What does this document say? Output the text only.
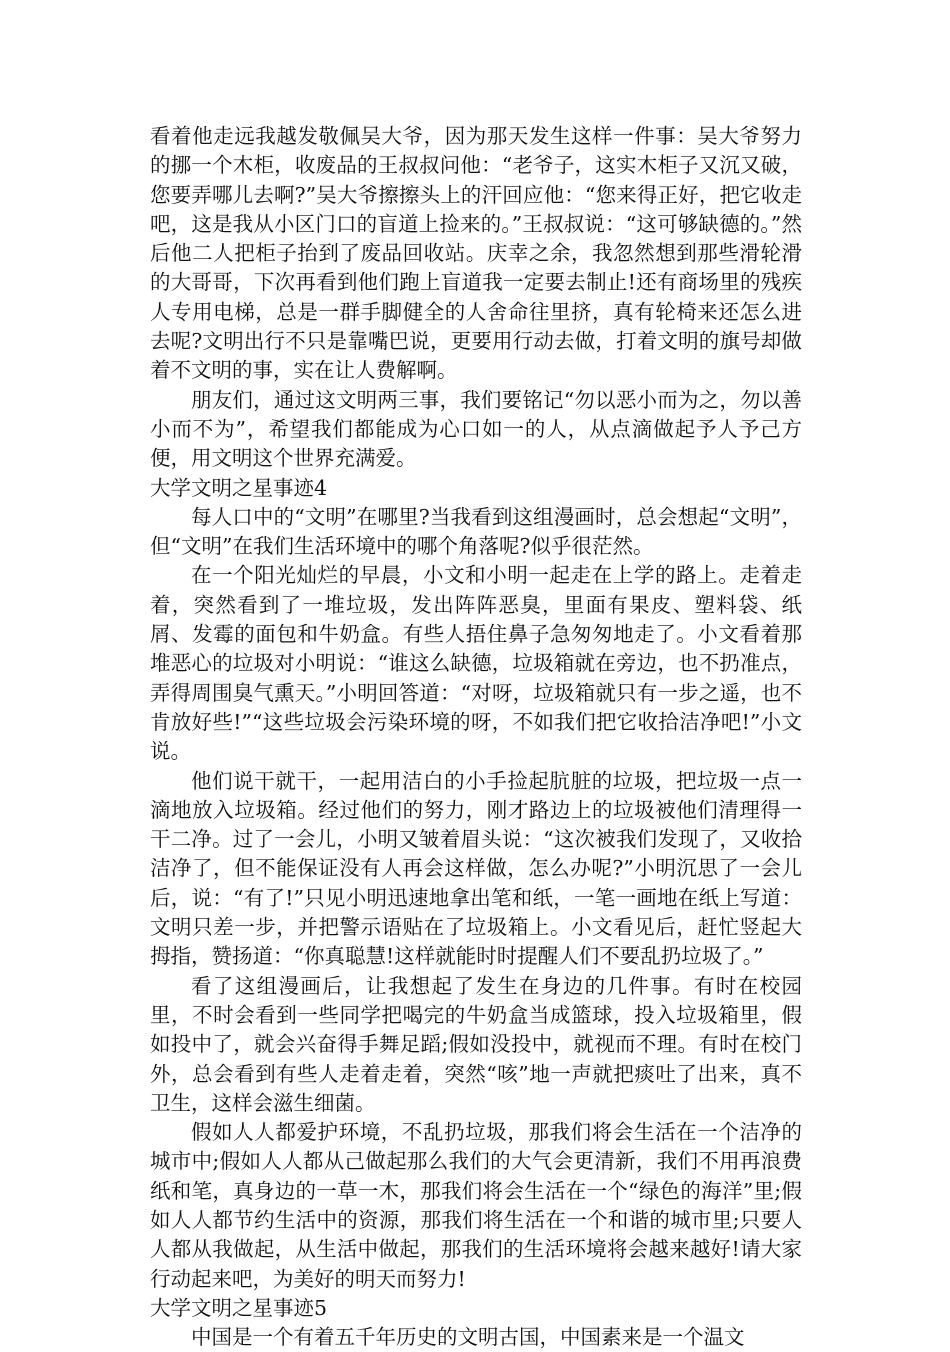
看着他走远我越发敬佩吴大爷，因为那天发生这样一件事：吴大爷努力的挪一个木柜，收废品的王叔叔问他：“老爷子，这实木柜子又沉又破，您要弄哪儿去啊?”吴大爷擦擦头上的汗回应他：“您来得正好，把它收走吧，这是我从小区门口的盲道上捡来的。”王叔叔说：“这可够缺德的。”然后他二人把柜子抬到了废品回收站。庆幸之余，我忽然想到那些滑轮滑的大哥哥，下次再看到他们跑上盲道我一定要去制止!还有商场里的残疾人专用电梯，总是一群手脚健全的人舍命往里挤，真有轮椅来还怎么进去呢?文明出行不只是靠嘴巴说，更要用行动去做，打着文明的旗号却做着不文明的事，实在让人费解啊。

朋友们，通过这文明两三事，我们要铭记“勿以恶小而为之，勿以善小而不为”，希望我们都能成为心口如一的人，从点滴做起予人予己方便，用文明这个世界充满爱。

大学文明之星事迹4

每人口中的“文明”在哪里?当我看到这组漫画时，总会想起“文明”，但“文明”在我们生活环境中的哪个角落呢?似乎很茫然。

在一个阳光灿烂的早晨，小文和小明一起走在上学的路上。走着走着，突然看到了一堆垃圾，发出阵阵恶臭，里面有果皮、塑料袋、纸屑、发霉的面包和牛奶盒。有些人捂住鼻子急匆匆地走了。小文看着那堆恶心的垃圾对小明说：“谁这么缺德，垃圾箱就在旁边，也不扔准点，弄得周围臭气熏天。”小明回答道：“对呀，垃圾箱就只有一步之遥，也不肯放好些!”“这些垃圾会污染环境的呀，不如我们把它收拾洁净吧!”小文说。

他们说干就干，一起用洁白的小手捡起肮脏的垃圾，把垃圾一点一滴地放入垃圾箱。经过他们的努力，刚才路边上的垃圾被他们清理得一干二净。过了一会儿，小明又皱着眉头说：“这次被我们发现了，又收拾洁净了，但不能保证没有人再会这样做，怎么办呢?”小明沉思了一会儿后，说：“有了!”只见小明迅速地拿出笔和纸，一笔一画地在纸上写道：文明只差一步，并把警示语贴在了垃圾箱上。小文看见后，赶忙竖起大拇指，赞扬道：“你真聪慧!这样就能时时提醒人们不要乱扔垃圾了。”

看了这组漫画后，让我想起了发生在身边的几件事。有时在校园里，不时会看到一些同学把喝完的牛奶盒当成篮球，投入垃圾箱里，假如投中了，就会兴奋得手舞足蹈;假如没投中，就视而不理。有时在校门外，总会看到有些人走着走着，突然“咳”地一声就把痰吐了出来，真不卫生，这样会滋生细菌。

假如人人都爱护环境，不乱扔垃圾，那我们将会生活在一个洁净的城市中;假如人人都从己做起那么我们的大气会更清新，我们不用再浪费纸和笔，真身边的一草一木，那我们将会生活在一个“绿色的海洋”里;假如人人都节约生活中的资源，那我们将生活在一个和谐的城市里;只要人人都从我做起，从生活中做起，那我们的生活环境将会越来越好!请大家行动起来吧，为美好的明天而努力!

大学文明之星事迹5

中国是一个有着五千年历史的文明古国，中国素来是一个温文
